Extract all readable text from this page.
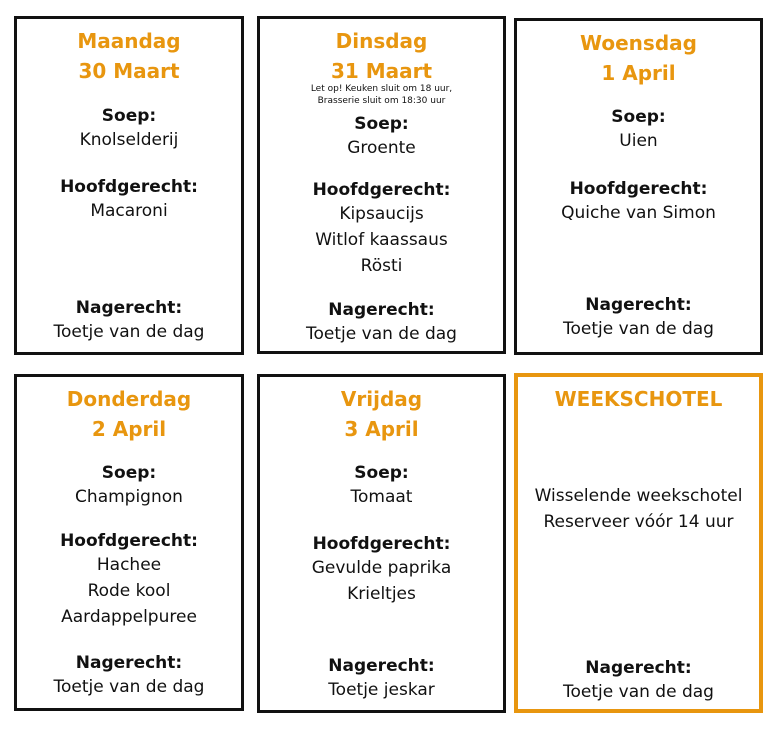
Maandag
30 Maart
Soep:
Knolselderij
Hoofdgerecht:
Macaroni
Nagerecht:
Toetje van de dag
Dinsdag
31 Maart
Let op! Keuken sluit om 18 uur,
Brasserie sluit om 18:30 uur
Soep:
Groente
Hoofdgerecht:
Kipsaucijs
Witlof kaassaus
Rösti
Nagerecht:
Toetje van de dag
Woensdag
1 April
Soep:
Uien
Hoofdgerecht:
Quiche van Simon
Nagerecht:
Toetje van de dag
Donderdag
2 April
Soep:
Champignon
Hoofdgerecht:
Hachee
Rode kool
Aardappelpuree
Nagerecht:
Toetje van de dag
Vrijdag
3 April
Soep:
Tomaat
Hoofdgerecht:
Gevulde paprika
Krieltjes
Nagerecht:
Toetje jeskar
WEEKSCHOTEL
Wisselende weekschotel
Reserveer vóór 14 uur
Nagerecht:
Toetje van de dag
